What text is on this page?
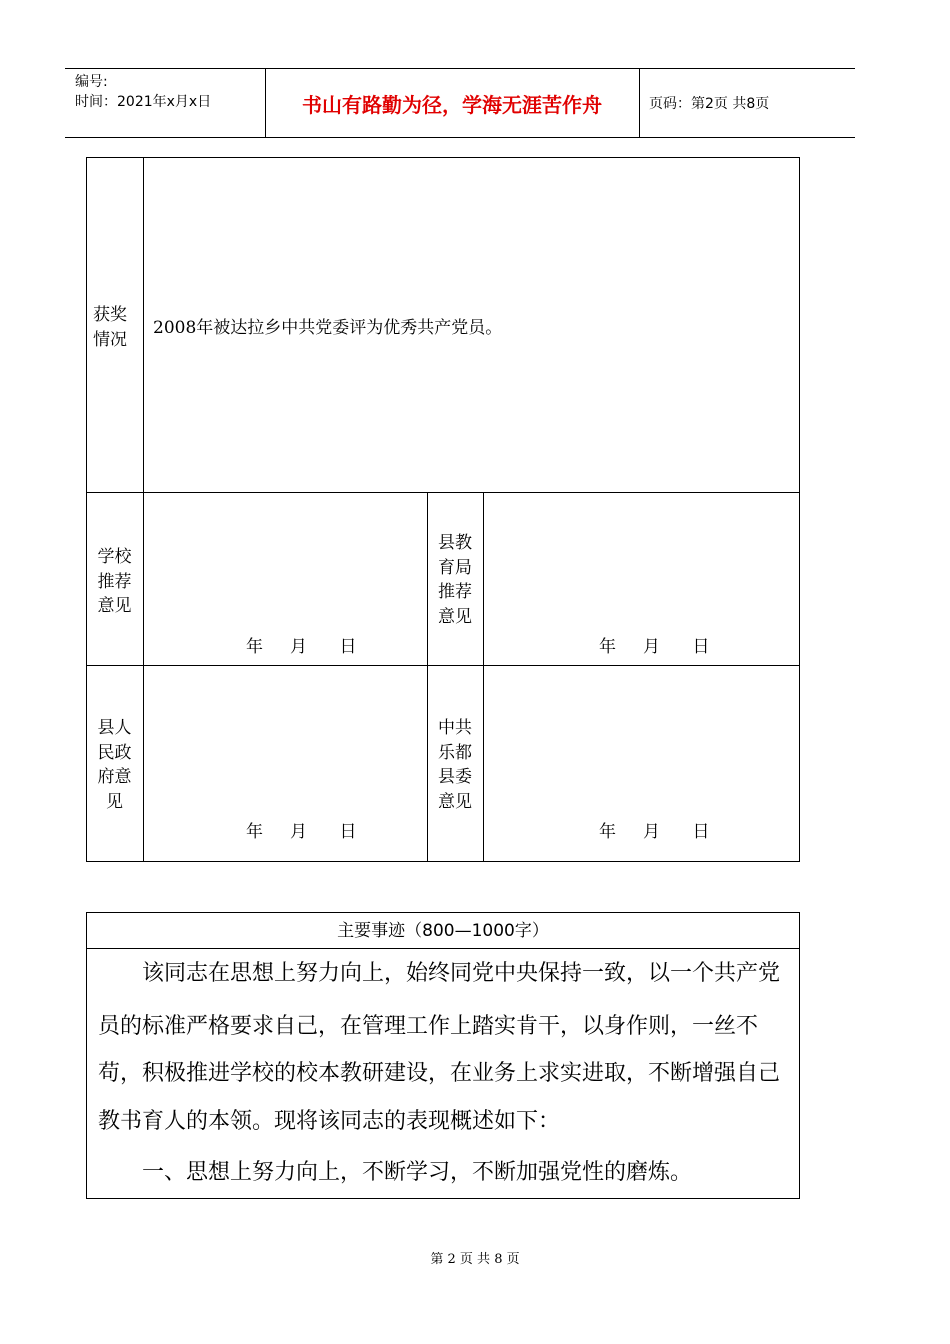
编号:
时间：2021年x月x日	书山有路勤为径，学海无涯苦作舟	页码：第2页 共8页
获奖
情况
2008年被达拉乡中共党委评为优秀共产党员。
学校
推荐
意见
年     月      日
县教
育局
推荐
意见
年     月      日
县人
民政
府意
见
年     月      日
中共
乐都
县委
意见
年     月      日
主要事迹（800—1000字）
该同志在思想上努力向上，始终同党中央保持一致，以一个共产党
员的标准严格要求自己，在管理工作上踏实肯干，以身作则，一丝不
苟，积极推进学校的校本教研建设，在业务上求实进取，不断增强自己
教书育人的本领。现将该同志的表现概述如下：
一、思想上努力向上，不断学习，不断加强党性的磨炼。
第 2 页 共 8 页
